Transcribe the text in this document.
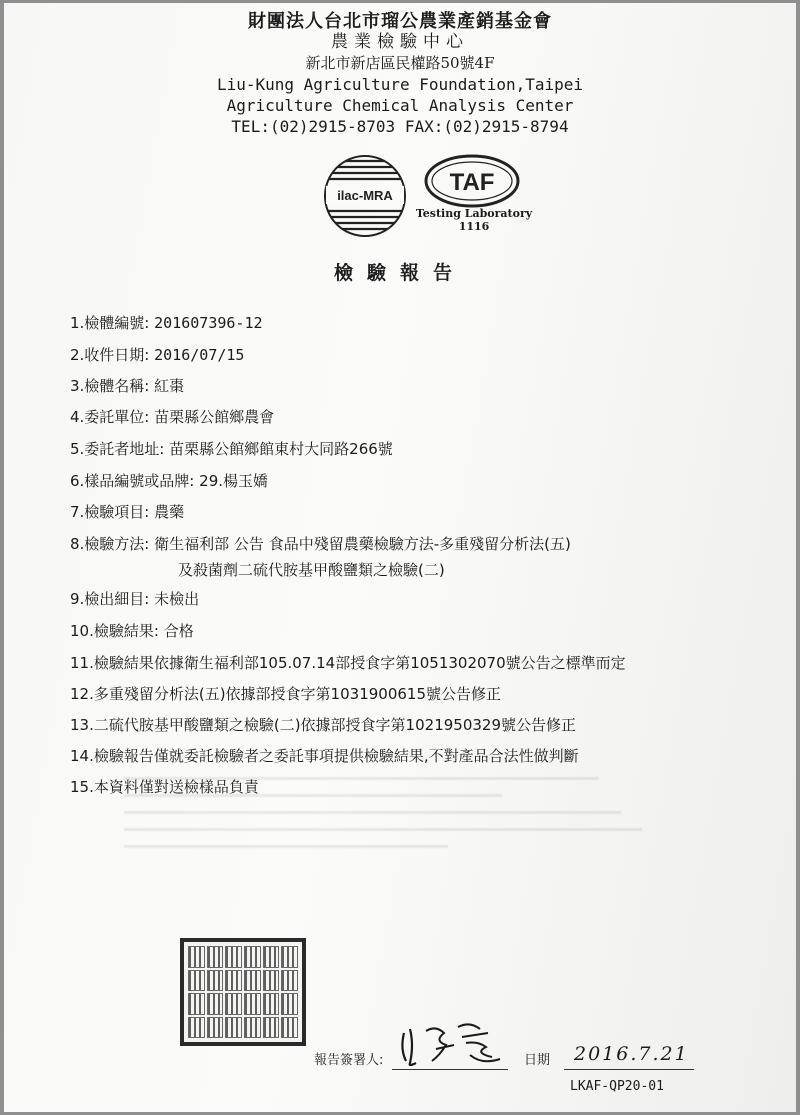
財團法人台北市瑠公農業產銷基金會
農業檢驗中心
新北市新店區民權路50號4F
Liu-Kung Agriculture Foundation,Taipei
Agriculture Chemical Analysis Center
TEL:(02)2915-8703 FAX:(02)2915-8794
ilac-MRA TAF
Testing Laboratory
1116
檢驗報告
1.檢體編號: 201607396-12
2.收件日期: 2016/07/15
3.檢體名稱: 紅棗
4.委託單位: 苗栗縣公館鄉農會
5.委託者地址: 苗栗縣公館鄉館東村大同路266號
6.樣品編號或品牌: 29.楊玉嬌
7.檢驗項目: 農藥
8.檢驗方法: 衛生福利部 公告 食品中殘留農藥檢驗方法-多重殘留分析法(五)
及殺菌劑二硫代胺基甲酸鹽類之檢驗(二)
9.檢出細目: 未檢出
10.檢驗結果: 合格
11.檢驗結果依據衛生福利部105.07.14部授食字第1051302070號公告之標準而定
12.多重殘留分析法(五)依據部授食字第1031900615號公告修正
13.二硫代胺基甲酸鹽類之檢驗(二)依據部授食字第1021950329號公告修正
14.檢驗報告僅就委託檢驗者之委託事項提供檢驗結果,不對產品合法性做判斷
15.本資料僅對送檢樣品負責
報告簽署人:	日期 2016.7.21
LKAF-QP20-01
